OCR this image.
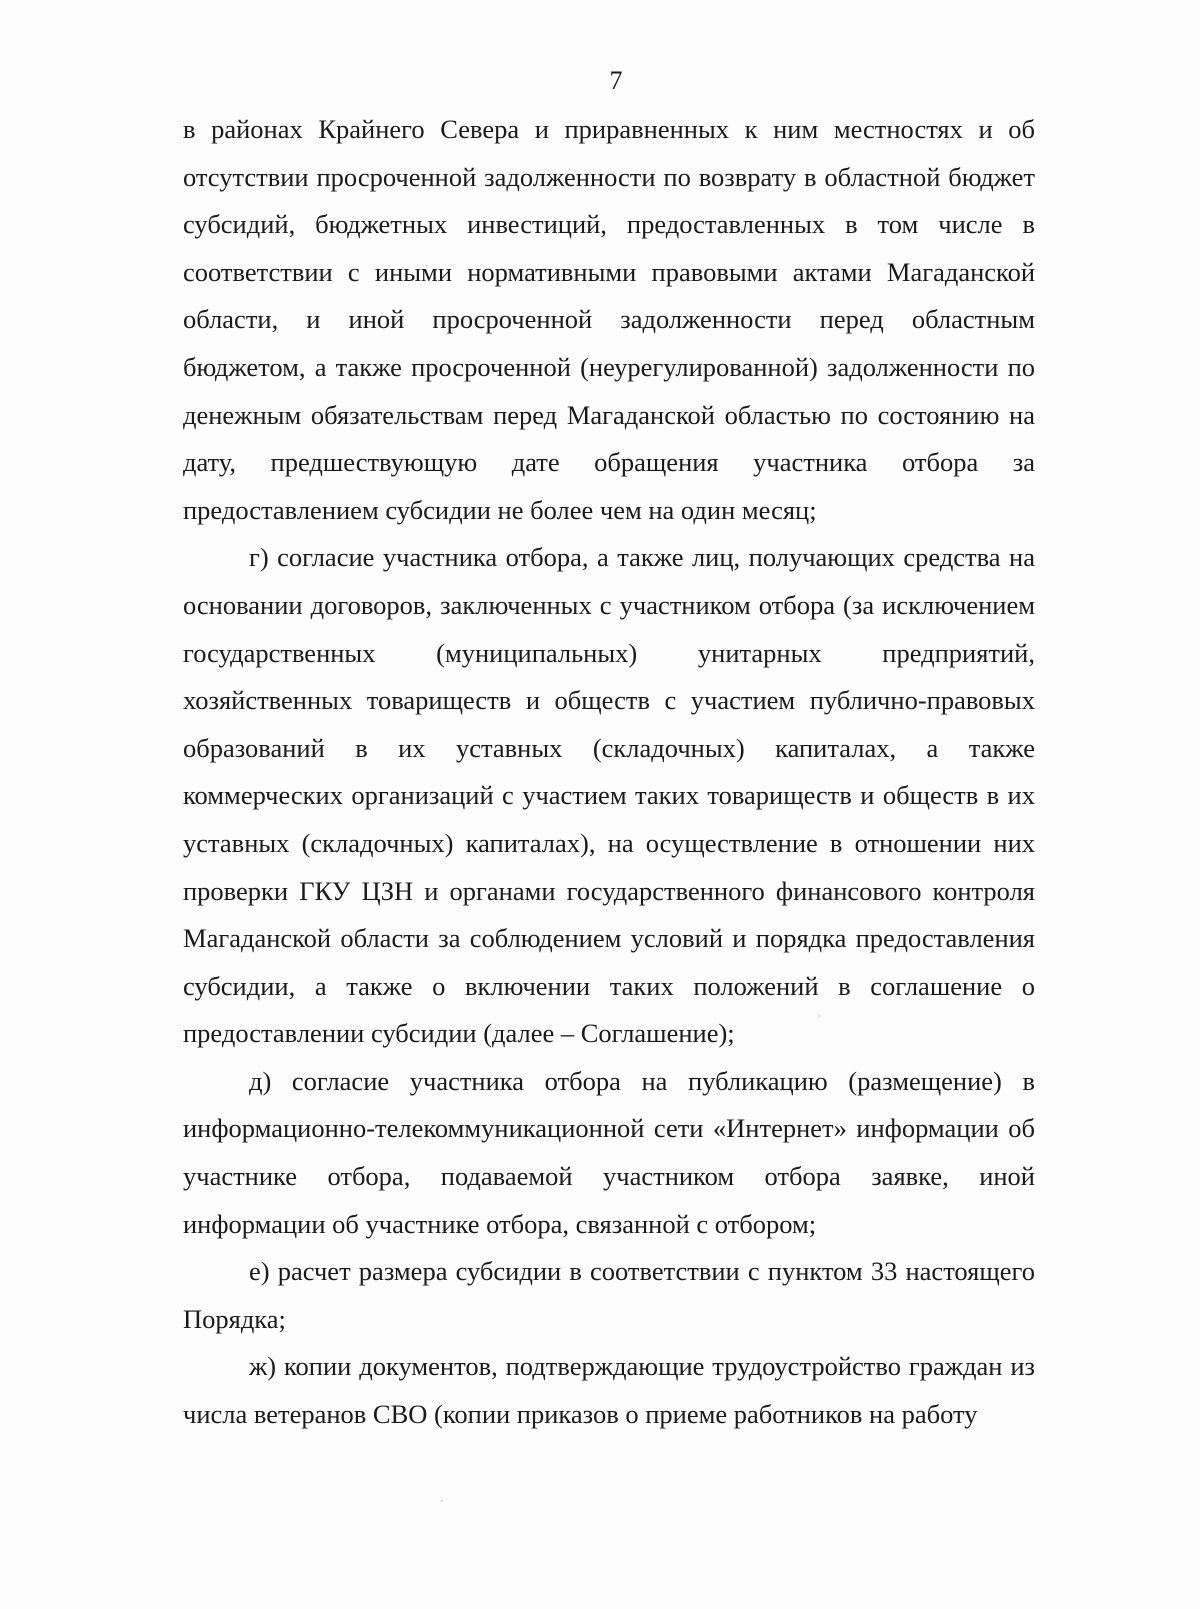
7

в районах Крайнего Севера и приравненных к ним местностях и об отсутствии просроченной задолженности по возврату в областной бюджет субсидий, бюджетных инвестиций, предоставленных в том числе в соответствии с иными нормативными правовыми актами Магаданской области, и иной просроченной задолженности перед областным бюджетом, а также просроченной (неурегулированной) задолженности по денежным обязательствам перед Магаданской областью по состоянию на дату, предшествующую дате обращения участника отбора за предоставлением субсидии не более чем на один месяц;

г) согласие участника отбора, а также лиц, получающих средства на основании договоров, заключенных с участником отбора (за исключением государственных (муниципальных) унитарных предприятий, хозяйственных товариществ и обществ с участием публично-правовых образований в их уставных (складочных) капиталах, а также коммерческих организаций с участием таких товариществ и обществ в их уставных (складочных) капиталах), на осуществление в отношении них проверки ГКУ ЦЗН и органами государственного финансового контроля Магаданской области за соблюдением условий и порядка предоставления субсидии, а также о включении таких положений в соглашение о предоставлении субсидии (далее – Соглашение);

д) согласие участника отбора на публикацию (размещение) в информационно-телекоммуникационной сети «Интернет» информации об участнике отбора, подаваемой участником отбора заявке, иной информации об участнике отбора, связанной с отбором;

е) расчет размера субсидии в соответствии с пунктом 33 настоящего Порядка;

ж) копии документов, подтверждающие трудоустройство граждан из числа ветеранов СВО (копии приказов о приеме работников на работу
